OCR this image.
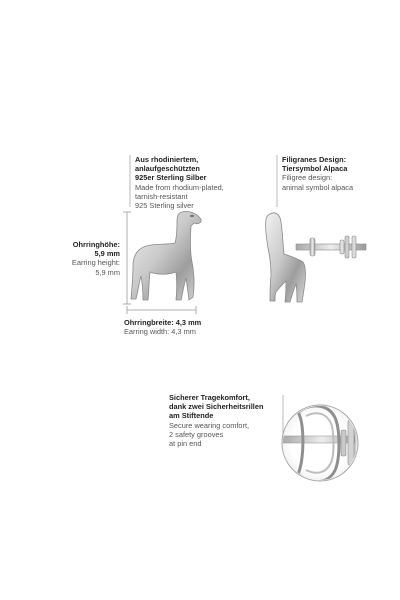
Aus rhodiniertem,
anlaufgeschützten
925er Sterling Silber
Made from rhodium-plated,
tarnish-resistant
925 Sterling silver
Filigranes Design:
Tiersymbol Alpaca
Filigree design:
animal symbol alpaca
Ohrringhöhe:
5,9 mm
Earring height:
5,9 mm
Ohrringbreite: 4,3 mm
Earring width: 4,3 mm
Sicherer Tragekomfort,
dank zwei Sicherheitsrillen
am Stiftende
Secure wearing comfort,
2 safety grooves
at pin end
